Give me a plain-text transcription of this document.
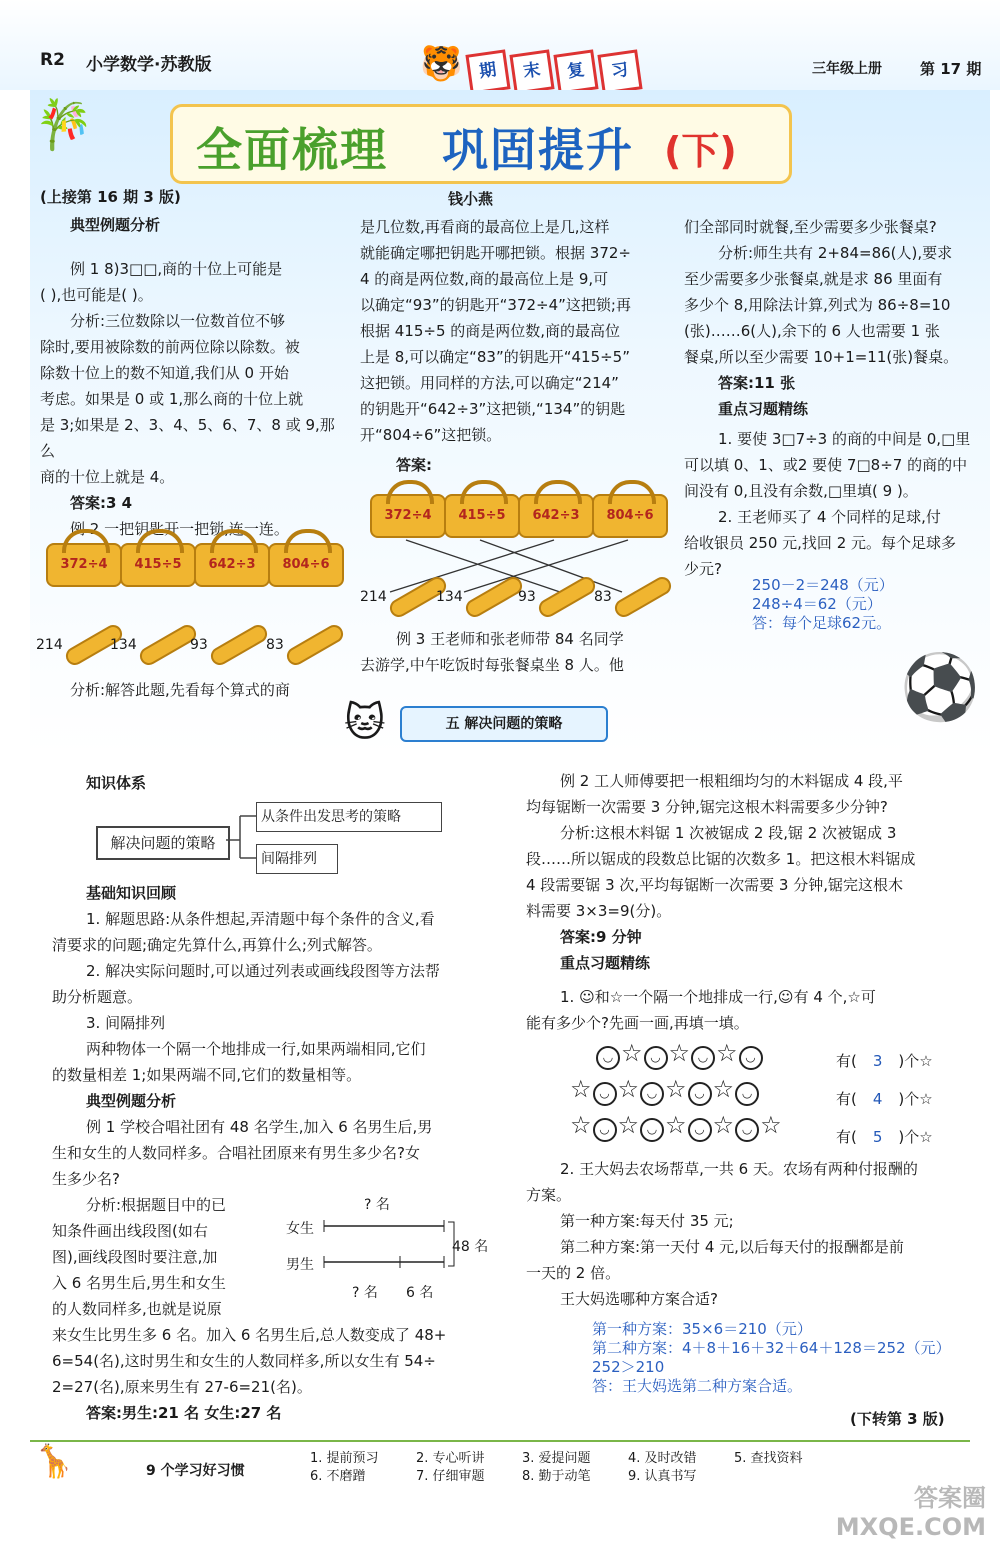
R2 小学数学·苏教版	期	末	复	习
🐯	三年级上册	第 17 期
🎋 全面梳理 巩固提升 (下)
(上接第 16 期 3 版)	钱小燕
典型例题分析
例 1 8)3□□,商的十位上可能是
( ),也可能是( )。
分析:三位数除以一位数首位不够
除时,要用被除数的前两位除以除数。被
除数十位上的数不知道,我们从 0 开始
考虑。如果是 0 或 1,那么商的十位上就
是 3;如果是 2、3、4、5、6、7、8 或 9,那么
商的十位上就是 4。
答案:3 4
例 2 一把钥匙开一把锁,连一连。
372÷4	415÷5	642÷3	804÷6
214	134	93	83
分析:解答此题,先看每个算式的商
是几位数,再看商的最高位上是几,这样
就能确定哪把钥匙开哪把锁。根据 372÷
4 的商是两位数,商的最高位上是 9,可
以确定“93”的钥匙开“372÷4”这把锁;再
根据 415÷5 的商是两位数,商的最高位
上是 8,可以确定“83”的钥匙开“415÷5”
这把锁。用同样的方法,可以确定“214”
的钥匙开“642÷3”这把锁,“134”的钥匙
开“804÷6”这把锁。
答案:
372÷4	415÷5	642÷3	804÷6
214	134	93	83
例 3 王老师和张老师带 84 名同学
去游学,中午吃饭时每张餐桌坐 8 人。他
们全部同时就餐,至少需要多少张餐桌?
分析:师生共有 2+84=86(人),要求
至少需要多少张餐桌,就是求 86 里面有
多少个 8,用除法计算,列式为 86÷8=10
(张)……6(人),余下的 6 人也需要 1 张
餐桌,所以至少需要 10+1=11(张)餐桌。
答案:11 张
重点习题精练
1. 要使 3□7÷3 的商的中间是 0,□里
可以填 0、1、或2 要使 7□8÷7 的商的中
间没有 0,且没有余数,□里填( 9 )。
2. 王老师买了 4 个同样的足球,付
给收银员 250 元,找回 2 元。每个足球多
少元?
250－2＝248（元）
248÷4＝62（元）
答：每个足球62元。
⚽
🐱	五 解决问题的策略
知识体系
解决问题的策略
从条件出发思考的策略
间隔排列
基础知识回顾
1. 解题思路:从条件想起,弄清题中每个条件的含义,看
清要求的问题;确定先算什么,再算什么;列式解答。
2. 解决实际问题时,可以通过列表或画线段图等方法帮
助分析题意。
3. 间隔排列
两种物体一个隔一个地排成一行,如果两端相同,它们
的数量相差 1;如果两端不同,它们的数量相等。
典型例题分析
例 1 学校合唱社团有 48 名学生,加入 6 名男生后,男
生和女生的人数同样多。合唱社团原来有男生多少名?女
生多少名?
分析:根据题目中的已
知条件画出线段图(如右
图),画线段图时要注意,加
入 6 名男生后,男生和女生
的人数同样多,也就是说原
来女生比男生多 6 名。加入 6 名男生后,总人数变成了 48+
6=54(名),这时男生和女生的人数同样多,所以女生有 54÷
2=27(名),原来男生有 27-6=21(名)。
答案:男生:21 名 女生:27 名
? 名
女生
男生
48 名
? 名 6 名
例 2 工人师傅要把一根粗细均匀的木料锯成 4 段,平
均每锯断一次需要 3 分钟,锯完这根木料需要多少分钟?
分析:这根木料锯 1 次被锯成 2 段,锯 2 次被锯成 3
段……所以锯成的段数总比锯的次数多 1。把这根木料锯成
4 段需要锯 3 次,平均每锯断一次需要 3 分钟,锯完这根木
料需要 3×3=9(分)。
答案:9 分钟
重点习题精练
1. ☺和☆一个隔一个地排成一行,☺有 4 个,☆可
能有多少个?先画一画,再填一填。
◡ ☆ ◡ ☆ ◡ ☆ ◡
☆ ◡ ☆ ◡ ☆ ◡ ☆ ◡
☆ ◡ ☆ ◡ ☆ ◡ ☆ ◡ ☆
有( 3 )个☆
有( 4 )个☆
有( 5 )个☆
2. 王大妈去农场帮草,一共 6 天。农场有两种付报酬的
方案。
第一种方案:每天付 35 元;
第二种方案:第一天付 4 元,以后每天付的报酬都是前
一天的 2 倍。
王大妈选哪种方案合适?
第一种方案：35×6＝210（元）
第二种方案：4＋8＋16＋32＋64＋128＝252（元）
252＞210
答：王大妈选第二种方案合适。
(下转第 3 版)
🦒	9 个学习好习惯
1. 提前预习	2. 专心听讲	3. 爱提问题	4. 及时改错	5. 查找资料
6. 不磨蹭	7. 仔细审题	8. 勤于动笔	9. 认真书写
答案圈 MXQE.COM
